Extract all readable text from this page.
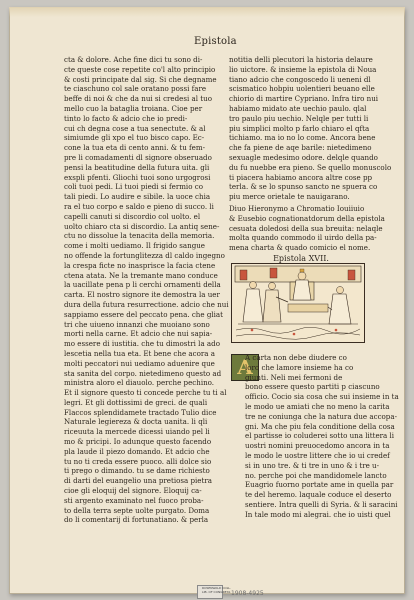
Epistola
cta & dolore. Ache fine dici tu sono di-
cte queste cose repetite co'l alto principio
& costi principate dal sig. Si che degname
te ciaschuno col sale oratano possi fare
beffe di noi & che da nui si credesi al tuo
mello cuo la bataglia troiana. Cioe per
tinto lo facto & adcio che io predi-
cui ch degna cose a tua senectute. & al
simiumde gli xpo el tuo bisco capo. Ec-
cone la tua eta di cento anni. & tu fem-
pre li comadamenti dl signore obseruado
pensi la beatitudine della futura uita. gli
exspli pfenti. Gliochi tuoi sono urgogrosi
coli tuoi pedi. Li tuoi piedi si fermio co
tali piedi. Lo audire e sibile. la uoce chia
ra el tuo corpo e saldo e pieno di succo. li
capelli canuti si discordio col uolto. el
uolto chiaro cta si discordio. La antiq sene-
ctu no dissolue la tenacita della memoria.
come i molti uediamo. Il frigido sangue
no offende la fortunglitezza dl caldo ingegno
la crespa ficte no inasprisce la facia ctene
ctena atata. Ne la tremante mano conduce
la uacillate pena p li cerchi ornamenti della
carta. El nostro signore ite demostra la uer
dura della futura resurrectione. adcio che nui
sappiamo essere del peccato pena. che gliat
tri che uiueno innanzi che muoiano sono
morti nella carne. Et adcio che nui sapia-
mo essere di iustitia. che tu dimostri la ado
lescetia nella tua eta. Et bene che acora a
molti peccatori nui uediamo aduenire que
sta sanita del corpo. nietedimeno questo ad
ministra aloro el diauolo. perche pechino.
Et il signore questo ti concede perche tu ti al
legri. Et gli dottissimi de greci. de quali
Flaccos splendidamete tractado Tulio dice
Naturale legiereza & docta uanita. li qli
riceuuta la mercede dicessi uiando pel li
mo & pricipi. Io adunque questo facendo
pla laude il piezo domando. Et adcio che
tu no ti creda essere puoco. alli dolce sio
ti prego o dimando. tu se dame richiesto
di darti del euangelio una pretiosa pietra
cioe gli eloquij del signore. Eloquij ca-
sti argento examinato nel fuoco proba-
to della terra septe uolte purgato. Doma
do li comentarij di fortunatiano. & perla
notitia delli plecutori la historia delaure
lio uictore. & insieme la epistola di Noua
tiano adcio che congoscedo li ueneni dl
scismatico hobpiu uolentieri beuano elle
chiorio di martire Cypriano. Infra tiro nui
habiamo midato ate uechio paulo. qlal
tro paulo piu uechio. Nelqle per tutti li
piu simplici molto p farlo chiaro el qfta
tichiamo. ma io no lo come. Ancora bene
che fa piene de aqe barile: nietedimeno
sexuagle medesimo odore. delqle quando
du fu nuebbe era pieno. Se quello monuscolo
ti piacera habiamo ancora altre cose pp
terla. & se lo spunso sancto ne spuera co
piu merce orietale te nauigarano.
Diuo Hieronymo a Chromatio Iouiiuio
& Eusebio cognationatdorum della epistola
cesuata doledosi della sua breuita: nelaqle
molta quando commodo il uirdo della pa-
mena charta & quado comicio el nome.
Epistola XVII.
A
A carta non debe diudere co
loro che lamore insieme ha co
giunti. Neli mei fermoni de
bono essere questo partiti p ciascuno
officio. Cocio sia cosa che sui insieme in ta
le modo ue amiati che no meno la carita
tre ne coniunga che la natura due accopa-
gni. Ma che piu fela conditione della cosa
el partisse io coluderei sotto una littera li
uostri nomini preuocedomo ancora in ta
le modo le uostre littere che io ui credef
si in uno tre. & ti tre in uno & i tre u-
no. perche poi che mandidomele lancto
Euagrio fuorno portate ame in quella par
te del heremo. laquale coduce el deserto
sentiere. Intra quelli di Syria. & li saracini
In tale modo mi alegrai. che io uisti quel
ROSENWALD COLL.
LIB. OF CONGRESS 1908-4925
